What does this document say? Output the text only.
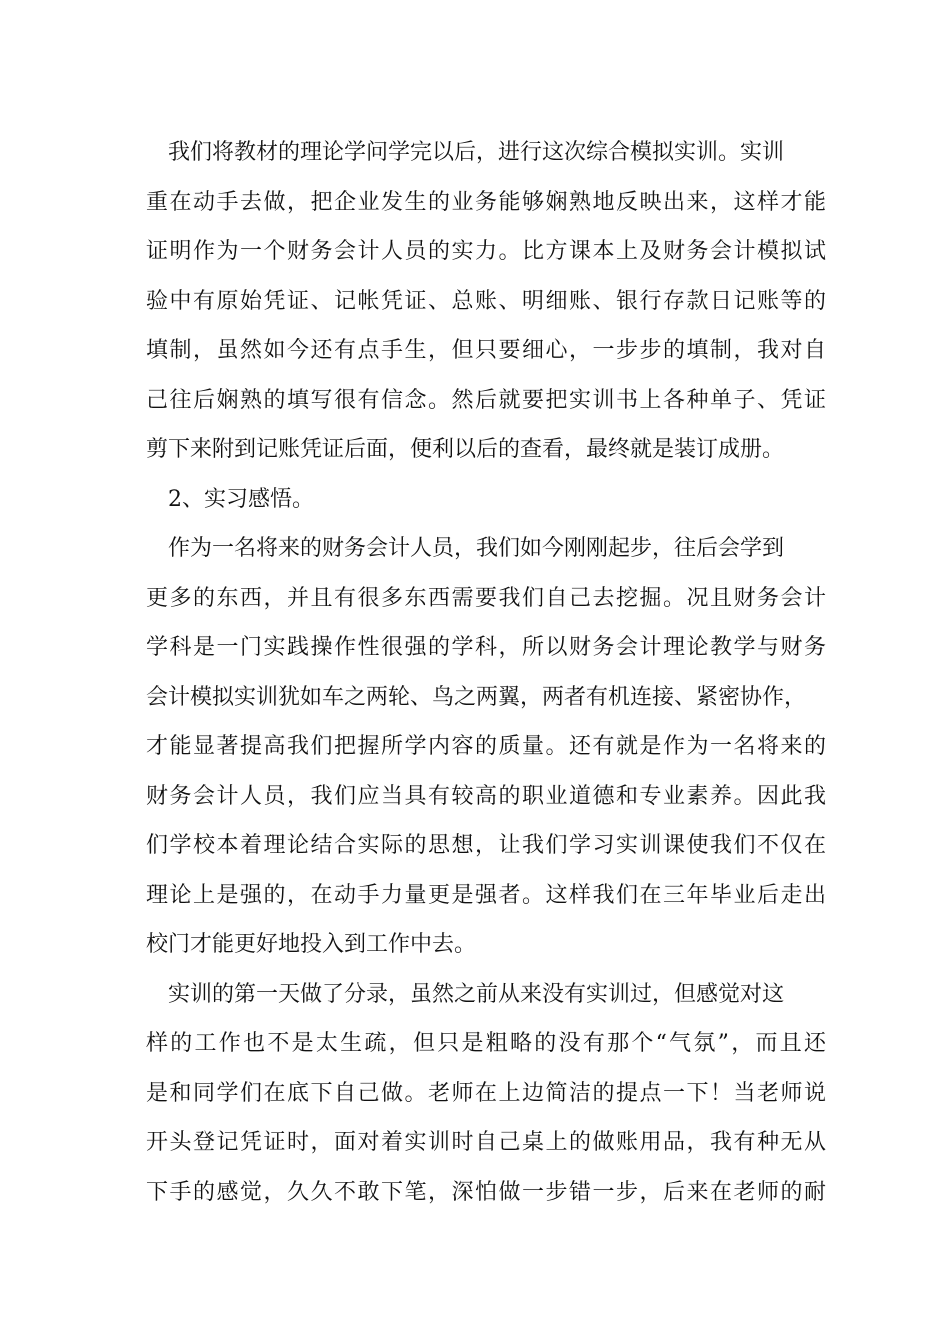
我们将教材的理论学问学完以后，进行这次综合模拟实训。实训
重在动手去做，把企业发生的业务能够娴熟地反映出来，这样才能
证明作为一个财务会计人员的实力。比方课本上及财务会计模拟试
验中有原始凭证、记帐凭证、总账、明细账、银行存款日记账等的
填制，虽然如今还有点手生，但只要细心，一步步的填制，我对自
己往后娴熟的填写很有信念。然后就要把实训书上各种单子、凭证
剪下来附到记账凭证后面，便利以后的查看，最终就是装订成册。
2、实习感悟。
作为一名将来的财务会计人员，我们如今刚刚起步，往后会学到
更多的东西，并且有很多东西需要我们自己去挖掘。况且财务会计
学科是一门实践操作性很强的学科，所以财务会计理论教学与财务
会计模拟实训犹如车之两轮、鸟之两翼，两者有机连接、紧密协作，
才能显著提高我们把握所学内容的质量。还有就是作为一名将来的
财务会计人员，我们应当具有较高的职业道德和专业素养。因此我
们学校本着理论结合实际的思想，让我们学习实训课使我们不仅在
理论上是强的，在动手力量更是强者。这样我们在三年毕业后走出
校门才能更好地投入到工作中去。
实训的第一天做了分录，虽然之前从来没有实训过，但感觉对这
样的工作也不是太生疏，但只是粗略的没有那个“气氛”，而且还
是和同学们在底下自己做。老师在上边简洁的提点一下！当老师说
开头登记凭证时，面对着实训时自己桌上的做账用品，我有种无从
下手的感觉，久久不敢下笔，深怕做一步错一步，后来在老师的耐
